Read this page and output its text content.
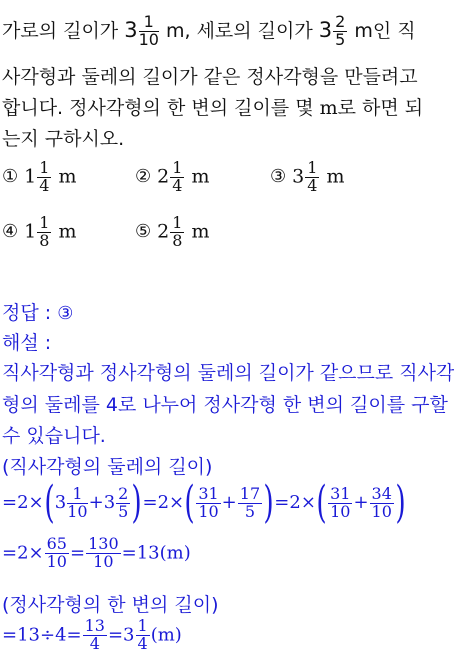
가로의 길이가 $3 \frac{1}{10} m$, 세로의 길이가 $3 \frac{2}{5}$ m인 직
사각형과 둘레의 길이가 같은 정사각형을 만들려고
합니다. 정사각형의 한 변의 길이를 몇 m로 하면 되
는지 구하시오.
① $1 \frac{1}{4}$ m	② $2 \frac{1}{4}$ m	③ $3 \frac{1}{4}$ m
④ $1 \frac{1}{8}$ m	⑤ $2 \frac{1}{8}$ m
정답 : ③
해설 :
직사각형과 정사각형의 둘레의 길이가 같으므로 직사각
형의 둘레를 4로 나누어 정사각형 한 변의 길이를 구할
수 있습니다.
(직사각형의 둘레의 길이)
$=2\times(3 \frac{1}{10} +3 \frac{2}{5} )=2\times( \frac{31}{10} + \frac{17}{5} )=2\times( \frac{31}{10} + \frac{34}{10}$ )
$=2\times \frac{65}{10} = \frac{130}{10} =13(m)$
(정사각형의 한 변의 길이)
$=13\div 4= \frac{13}{4} =3 \frac{1}{4} (m)$
